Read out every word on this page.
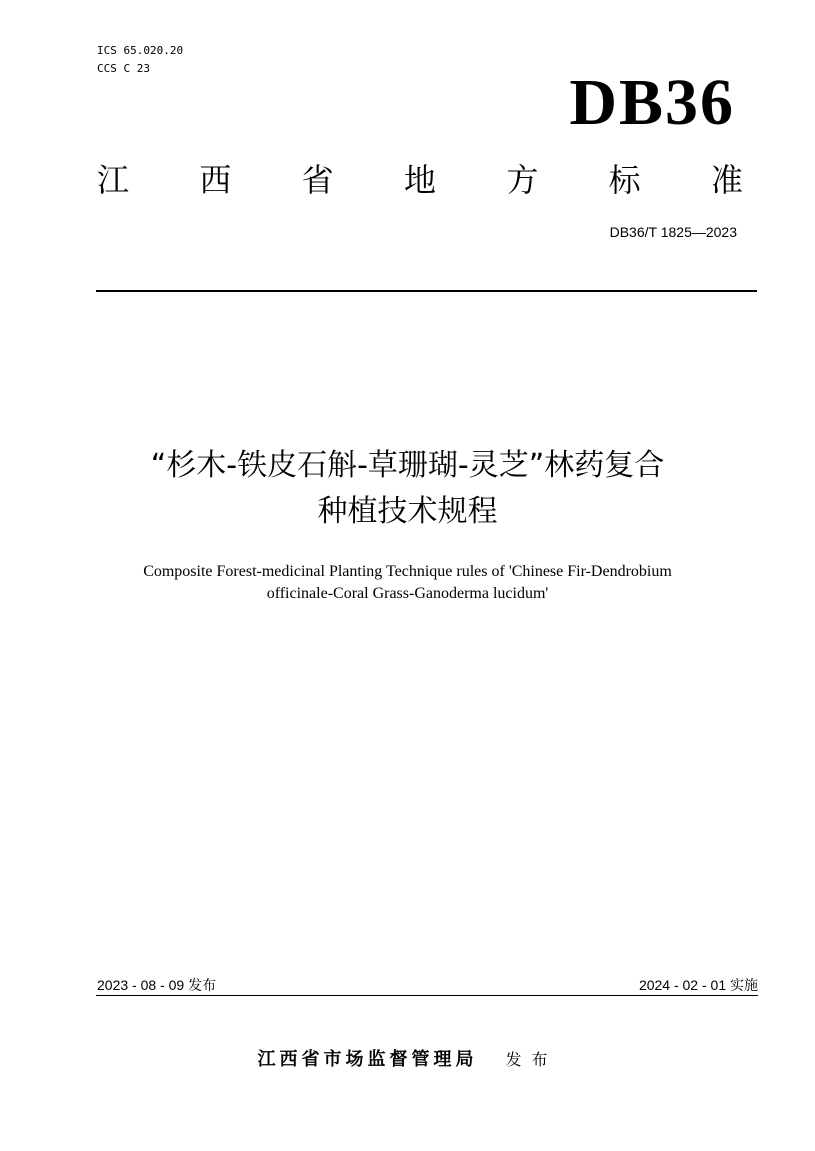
ICS 65.020.20
CCS C 23	DB36
江 西 省 地 方 标 准
DB36/T 1825—2023
“杉木-铁皮石斛-草珊瑚-灵芝”林药复合
种植技术规程
Composite Forest-medicinal Planting Technique rules of 'Chinese Fir-Dendrobium
officinale-Coral Grass-Ganoderma lucidum'
2023 - 08 - 09 发布	2024 - 02 - 01 实施
江西省市场监督管理局 发布
